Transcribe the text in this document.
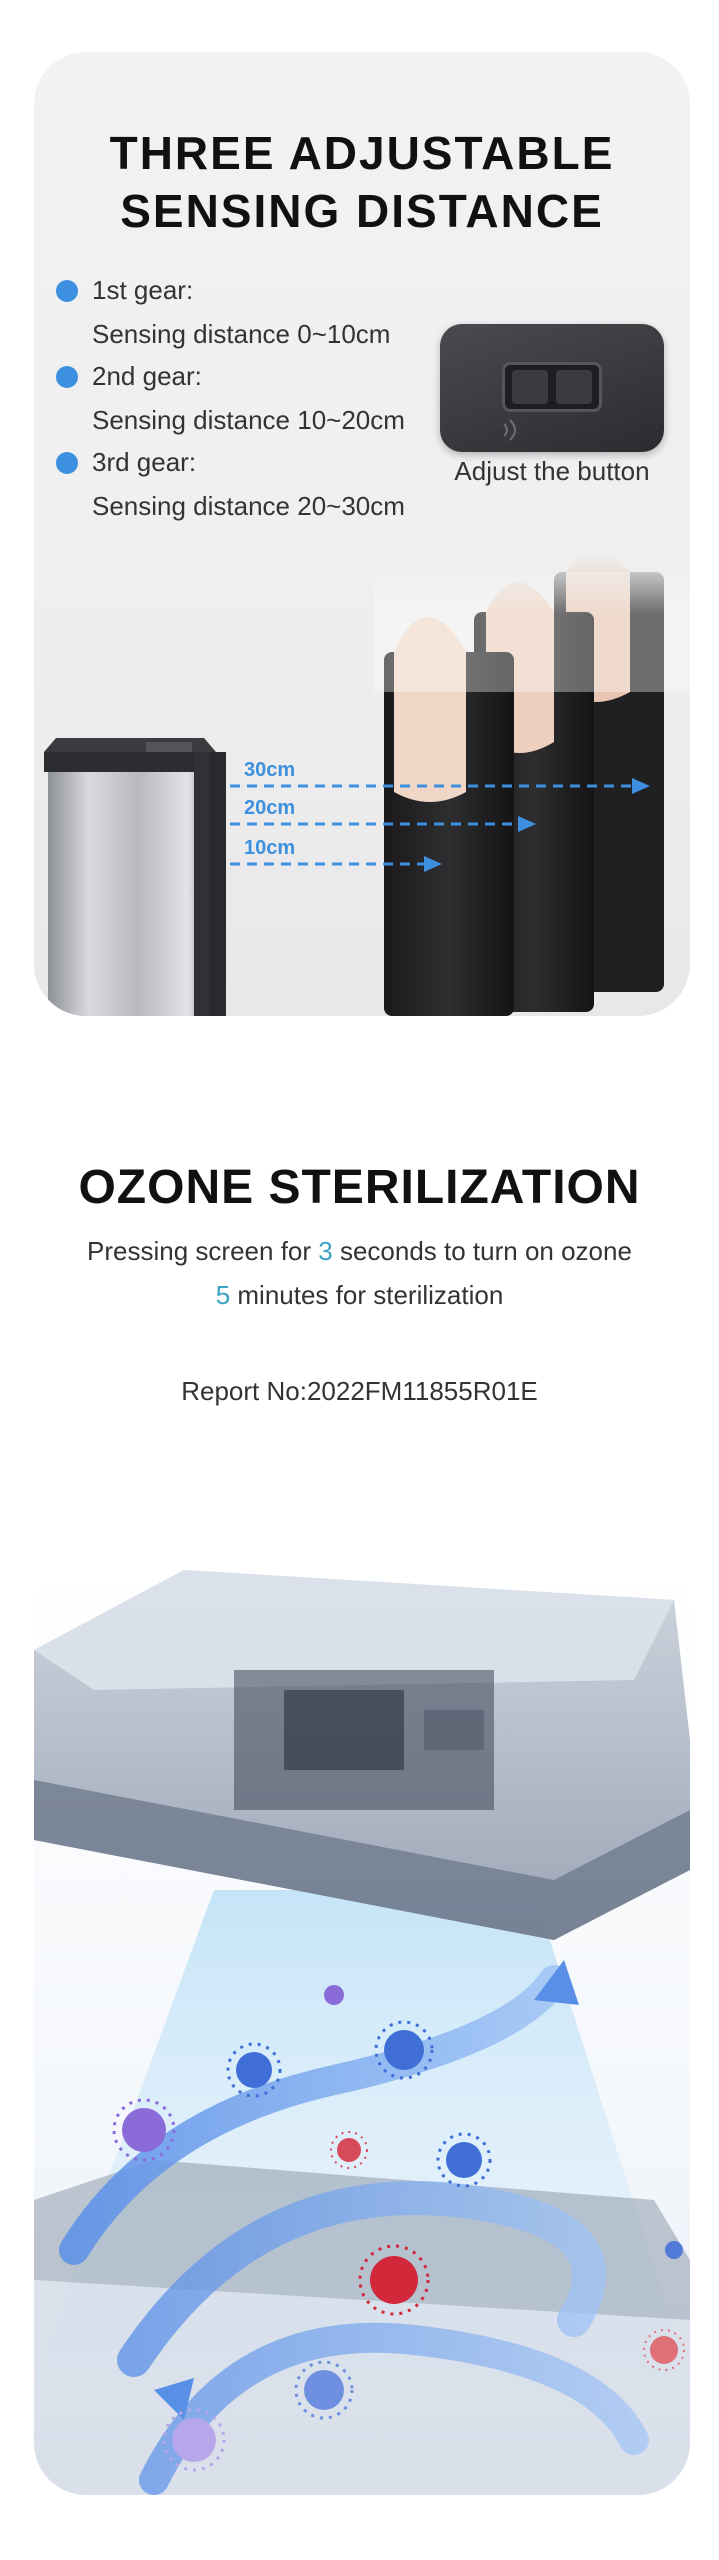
30cm
20cm
10cm
THREE ADJUSTABLE
SENSING DISTANCE
1st gear:
Sensing distance 0~10cm
2nd gear:
Sensing distance 10~20cm
3rd gear:
Sensing distance 20~30cm

Adjust the button

OZONE STERILIZATION

Pressing screen for 3 seconds to turn on ozone

5 minutes for sterilization

Report No:2022FM11855R01E
